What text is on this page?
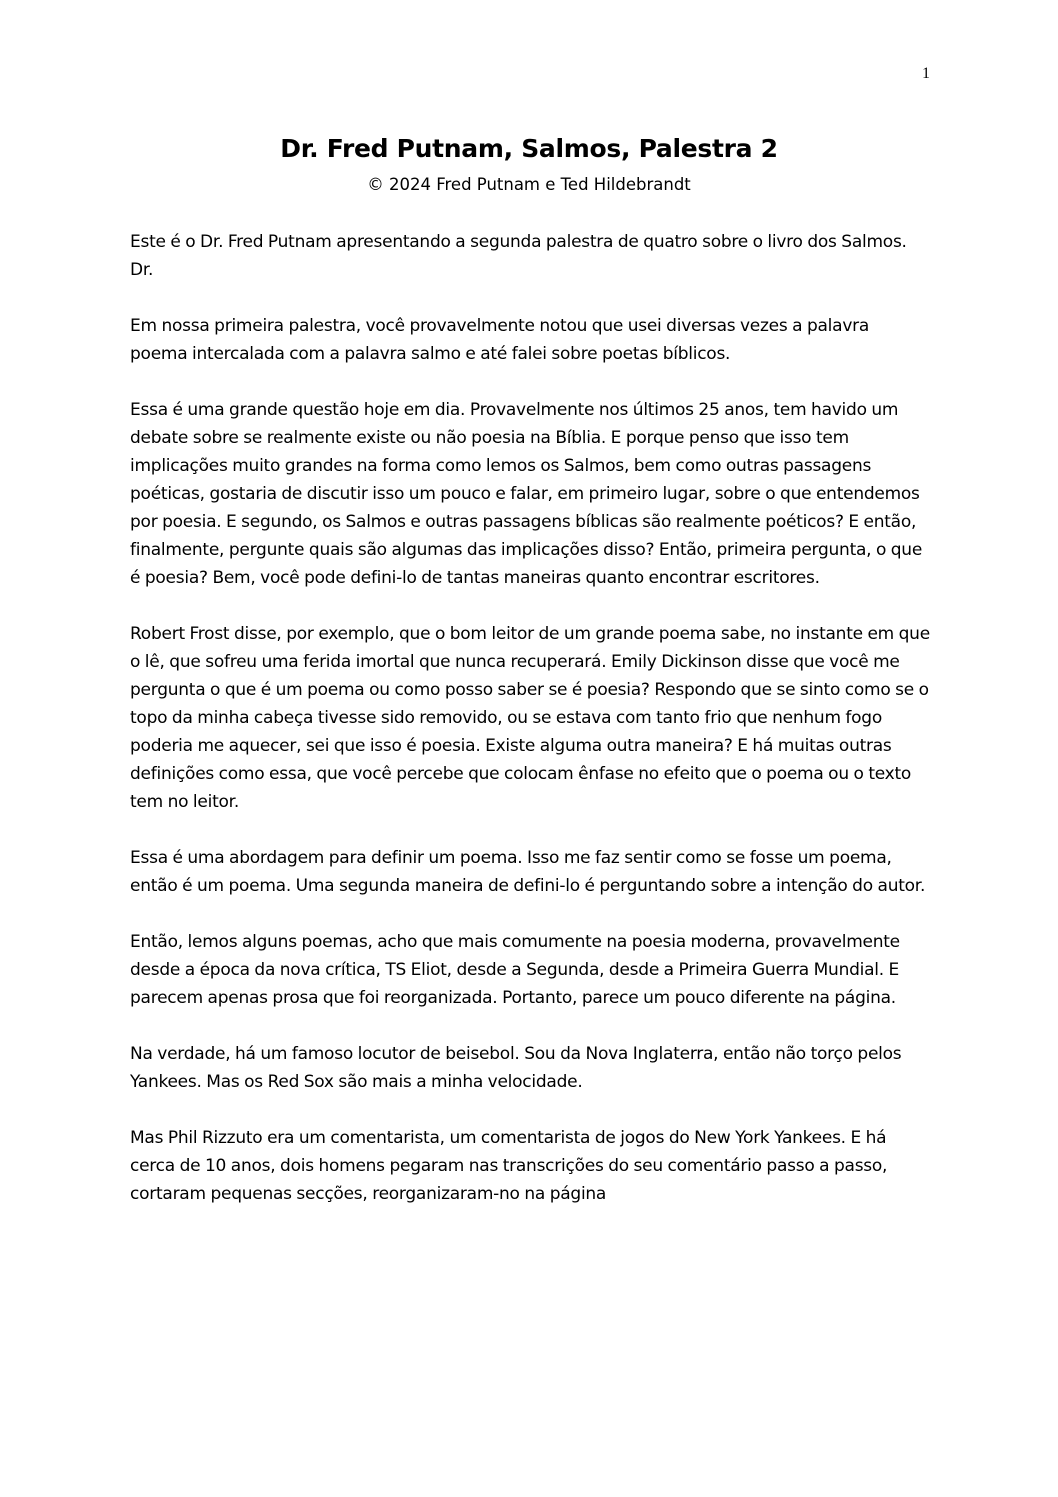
1
Dr. Fred Putnam, Salmos, Palestra 2
© 2024 Fred Putnam e Ted Hildebrandt

Este é o Dr. Fred Putnam apresentando a segunda palestra de quatro sobre o livro dos Salmos. Dr.

Em nossa primeira palestra, você provavelmente notou que usei diversas vezes a palavra poema intercalada com a palavra salmo e até falei sobre poetas bíblicos.

Essa é uma grande questão hoje em dia. Provavelmente nos últimos 25 anos, tem havido um debate sobre se realmente existe ou não poesia na Bíblia. E porque penso que isso tem implicações muito grandes na forma como lemos os Salmos, bem como outras passagens poéticas, gostaria de discutir isso um pouco e falar, em primeiro lugar, sobre o que entendemos por poesia. E segundo, os Salmos e outras passagens bíblicas são realmente poéticos? E então, finalmente, pergunte quais são algumas das implicações disso? Então, primeira pergunta, o que é poesia? Bem, você pode defini-lo de tantas maneiras quanto encontrar escritores.

Robert Frost disse, por exemplo, que o bom leitor de um grande poema sabe, no instante em que o lê, que sofreu uma ferida imortal que nunca recuperará. Emily Dickinson disse que você me pergunta o que é um poema ou como posso saber se é poesia? Respondo que se sinto como se o topo da minha cabeça tivesse sido removido, ou se estava com tanto frio que nenhum fogo poderia me aquecer, sei que isso é poesia. Existe alguma outra maneira? E há muitas outras definições como essa, que você percebe que colocam ênfase no efeito que o poema ou o texto tem no leitor.

Essa é uma abordagem para definir um poema. Isso me faz sentir como se fosse um poema, então é um poema. Uma segunda maneira de defini-lo é perguntando sobre a intenção do autor.

Então, lemos alguns poemas, acho que mais comumente na poesia moderna, provavelmente desde a época da nova crítica, TS Eliot, desde a Segunda, desde a Primeira Guerra Mundial. E parecem apenas prosa que foi reorganizada. Portanto, parece um pouco diferente na página.

Na verdade, há um famoso locutor de beisebol. Sou da Nova Inglaterra, então não torço pelos Yankees. Mas os Red Sox são mais a minha velocidade.

Mas Phil Rizzuto era um comentarista, um comentarista de jogos do New York Yankees. E há cerca de 10 anos, dois homens pegaram nas transcrições do seu comentário passo a passo, cortaram pequenas secções, reorganizaram-no na página
